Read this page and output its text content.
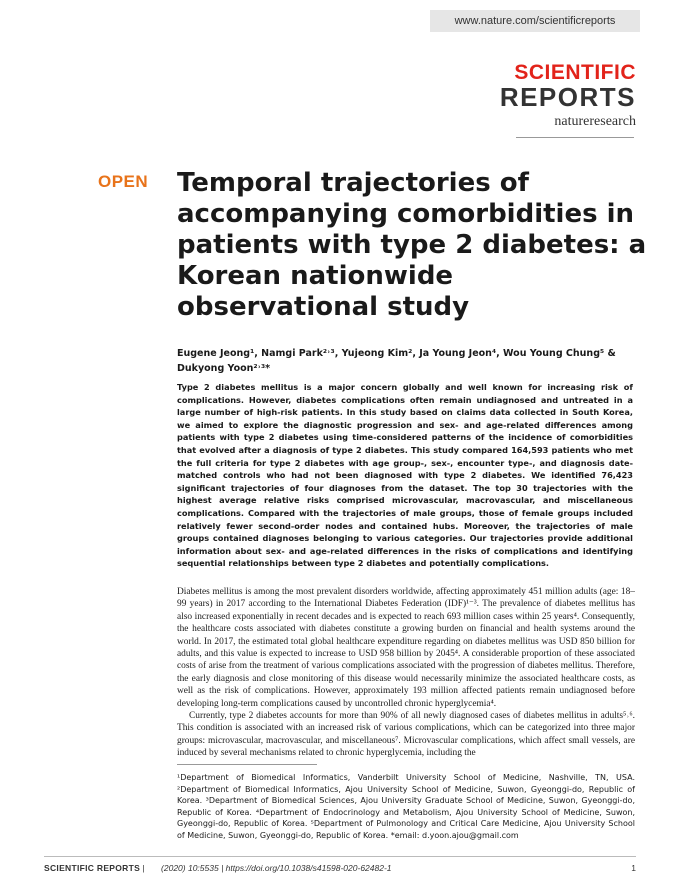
www.nature.com/scientificreports
SCIENTIFIC
REPORTS
natureresearch
OPEN Temporal trajectories of accompanying comorbidities in patients with type 2 diabetes: a Korean nationwide observational study
Eugene Jeong¹, Namgi Park²˒³, Yujeong Kim², Ja Young Jeon⁴, Wou Young Chung⁵ & Dukyong Yoon²˒³*
Type 2 diabetes mellitus is a major concern globally and well known for increasing risk of complications. However, diabetes complications often remain undiagnosed and untreated in a large number of high-risk patients. In this study based on claims data collected in South Korea, we aimed to explore the diagnostic progression and sex- and age-related differences among patients with type 2 diabetes using time-considered patterns of the incidence of comorbidities that evolved after a diagnosis of type 2 diabetes. This study compared 164,593 patients who met the full criteria for type 2 diabetes with age group-, sex-, encounter type-, and diagnosis date-matched controls who had not been diagnosed with type 2 diabetes. We identified 76,423 significant trajectories of four diagnoses from the dataset. The top 30 trajectories with the highest average relative risks comprised microvascular, macrovascular, and miscellaneous complications. Compared with the trajectories of male groups, those of female groups included relatively fewer second-order nodes and contained hubs. Moreover, the trajectories of male groups contained diagnoses belonging to various categories. Our trajectories provide additional information about sex- and age-related differences in the risks of complications and identifying sequential relationships between type 2 diabetes and potentially complications.

Diabetes mellitus is among the most prevalent disorders worldwide, affecting approximately 451 million adults (age: 18–99 years) in 2017 according to the International Diabetes Federation (IDF)¹⁻³. The prevalence of diabetes mellitus has also increased exponentially in recent decades and is expected to reach 693 million cases within 25 years⁴. Consequently, the healthcare costs associated with diabetes constitute a growing burden on financial and health systems around the world. In 2017, the estimated total global healthcare expenditure regarding on diabetes mellitus was USD 850 billion for adults, and this value is expected to increase to USD 958 billion by 2045⁴. A considerable proportion of these associated costs of arise from the treatment of various complications associated with the progression of diabetes mellitus. Therefore, the early diagnosis and close monitoring of this disease would necessarily minimize the associated healthcare costs, as well as the risk of complications. However, approximately 193 million affected patients remain undiagnosed before developing long-term complications caused by uncontrolled chronic hyperglycemia⁴.

Currently, type 2 diabetes accounts for more than 90% of all newly diagnosed cases of diabetes mellitus in adults⁵˒⁶. This condition is associated with an increased risk of various complications, which can be categorized into three major groups: microvascular, macrovascular, and miscellaneous⁷. Microvascular complications, which affect small vessels, are induced by several mechanisms related to chronic hyperglycemia, including the

¹Department of Biomedical Informatics, Vanderbilt University School of Medicine, Nashville, TN, USA. ²Department of Biomedical Informatics, Ajou University School of Medicine, Suwon, Gyeonggi-do, Republic of Korea. ³Department of Biomedical Sciences, Ajou University Graduate School of Medicine, Suwon, Gyeonggi-do, Republic of Korea. ⁴Department of Endocrinology and Metabolism, Ajou University School of Medicine, Suwon, Gyeonggi-do, Republic of Korea. ⁵Department of Pulmonology and Critical Care Medicine, Ajou University School of Medicine, Suwon, Gyeonggi-do, Republic of Korea. *email: d.yoon.ajou@gmail.com
SCIENTIFIC REPORTS | (2020) 10:5535 | https://doi.org/10.1038/s41598-020-62482-1	1
